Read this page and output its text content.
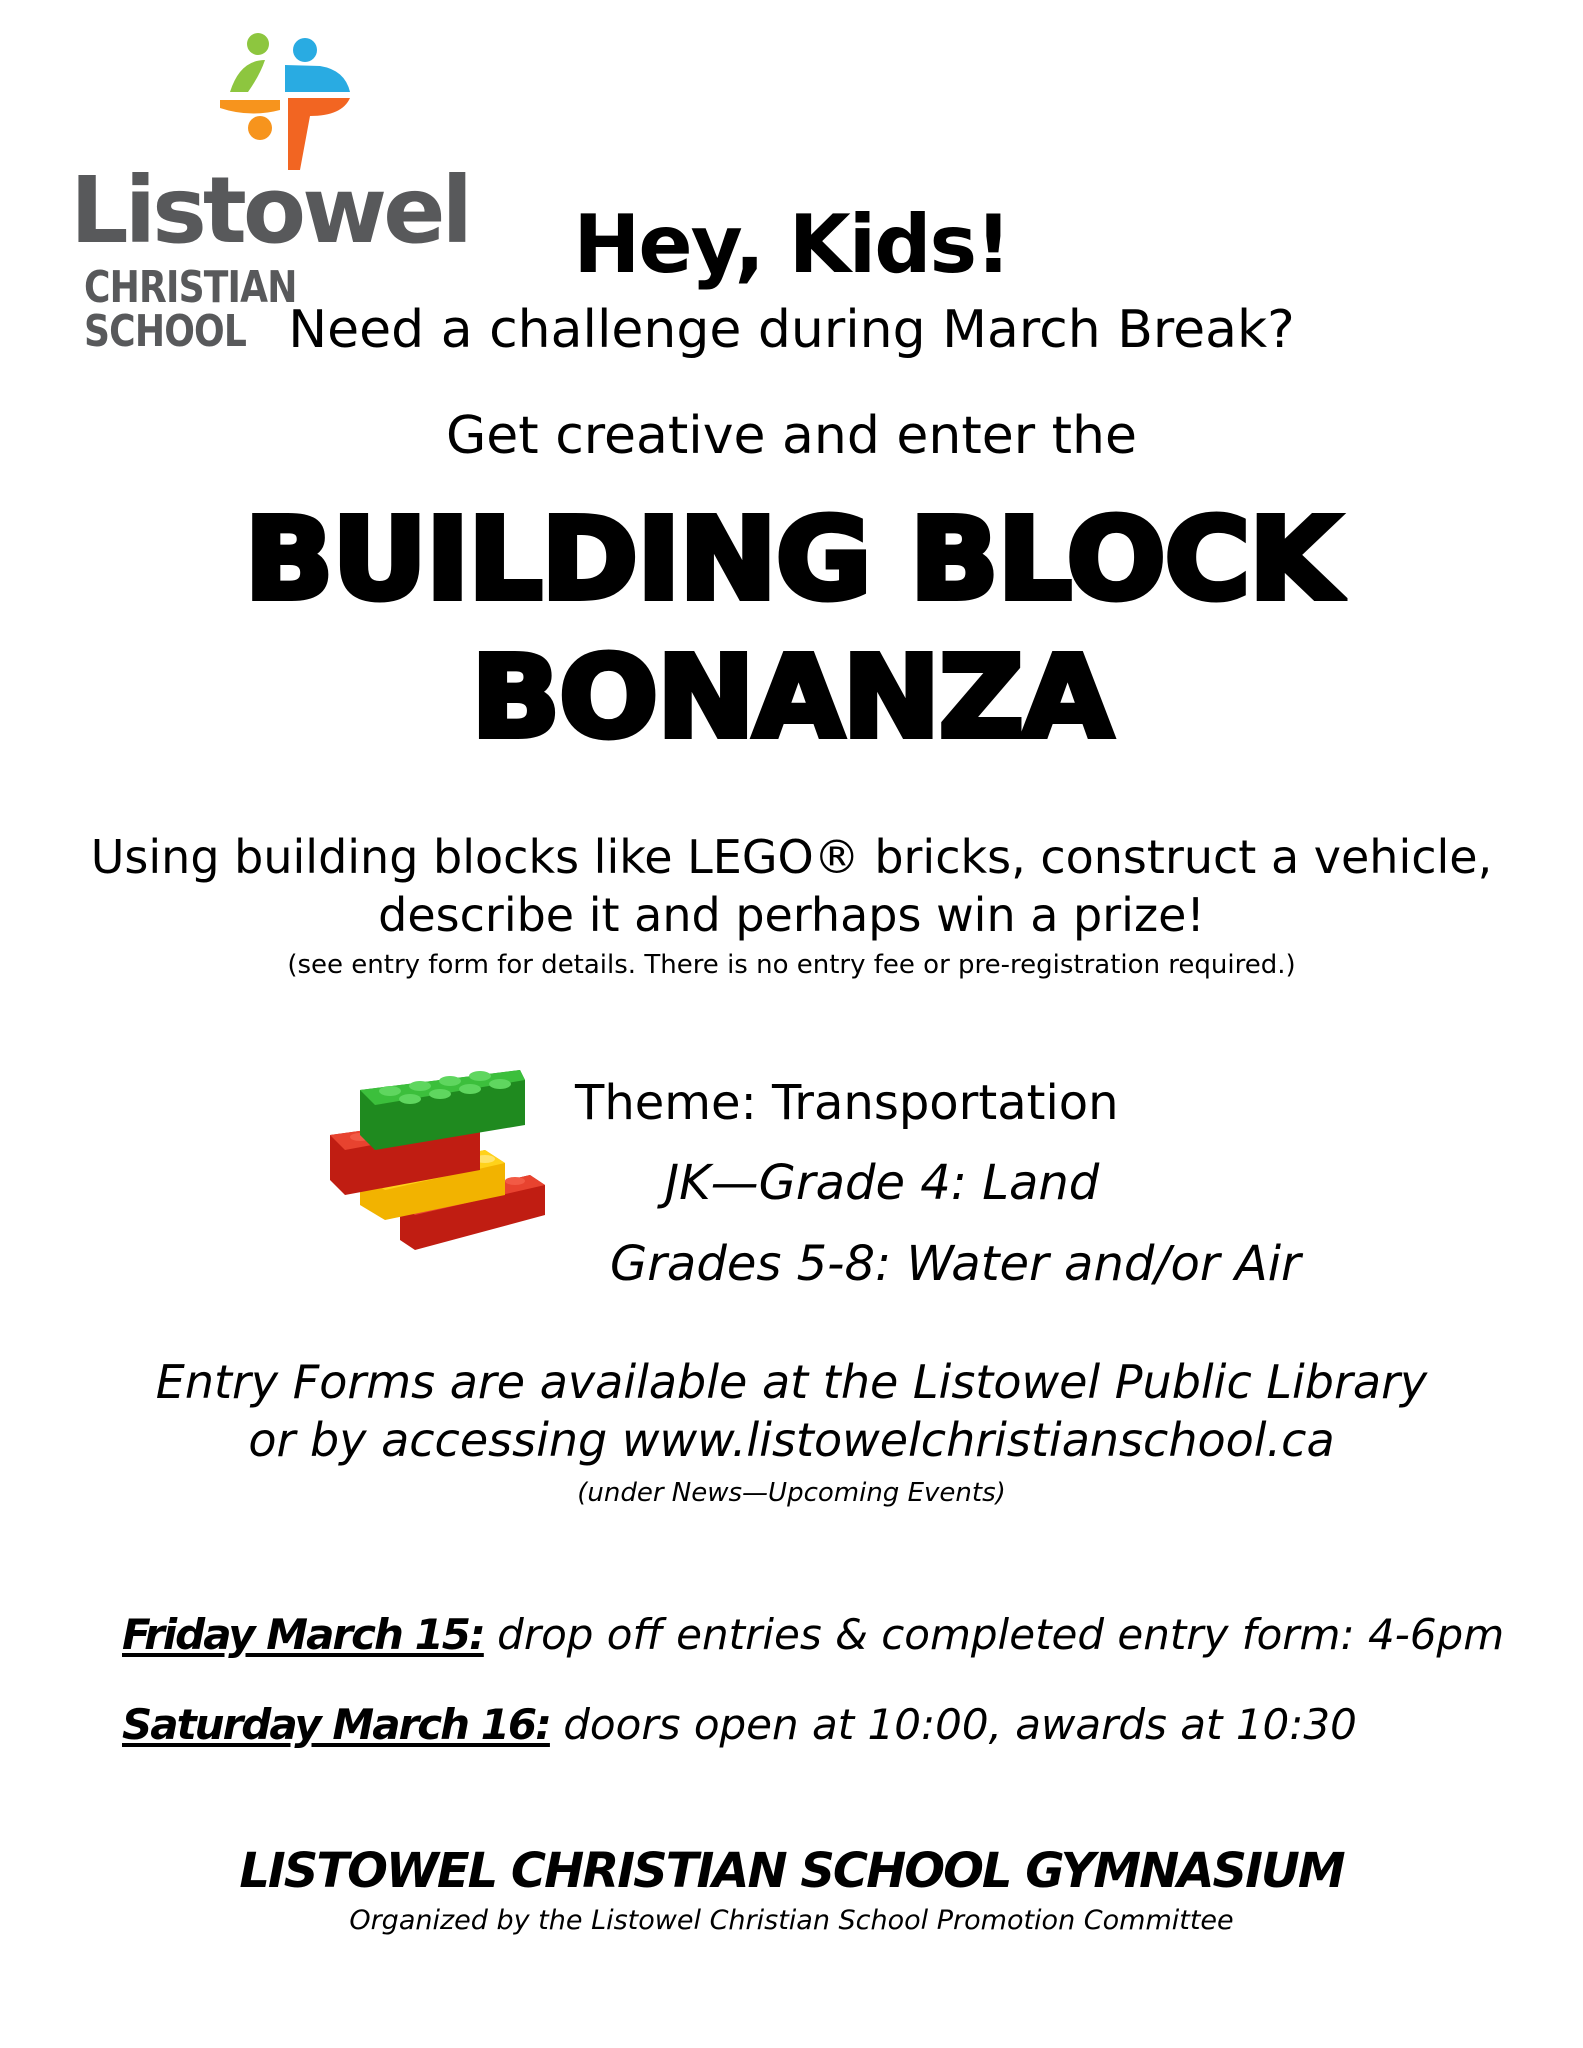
Listowel
CHRISTIAN SCHOOL
Hey, Kids!
Need a challenge during March Break?
Get creative and enter the
BUILDING BLOCK
BONANZA
Using building blocks like LEGO® bricks, construct a vehicle,
describe it and perhaps win a prize!
(see entry form for details. There is no entry fee or pre-registration required.)
Theme: Transportation
JK—Grade 4: Land
Grades 5-8: Water and/or Air
Entry Forms are available at the Listowel Public Library
or by accessing www.listowelchristianschool.ca
(under News—Upcoming Events)
Friday March 15: drop off entries & completed entry form: 4-6pm
Saturday March 16: doors open at 10:00, awards at 10:30
LISTOWEL CHRISTIAN SCHOOL GYMNASIUM
Organized by the Listowel Christian School Promotion Committee
